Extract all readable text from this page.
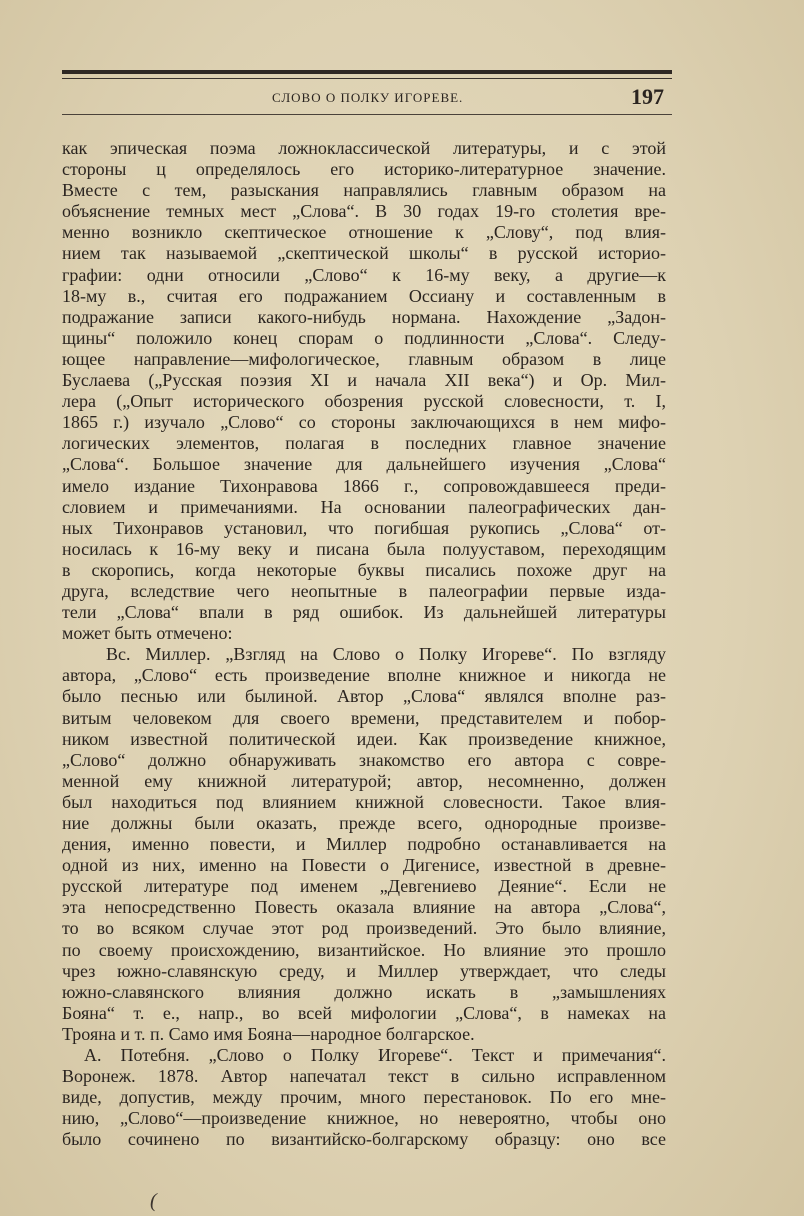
СЛОВО О ПОЛКУ ИГОРЕВЕ.	197
как эпическая поэма ложноклассической литературы, и с этой
стороны ц определялось его историко-литературное значение.
Вместе с тем, разыскания направлялись главным образом на
объяснение темных мест „Слова“. В 30 годах 19-го столетия вре-
менно возникло скептическое отношение к „Слову“, под влия-
нием так называемой „скептической школы“ в русской историо-
графии: одни относили „Слово“ к 16-му веку, а другие—к
18-му в., считая его подражанием Оссиану и составленным в
подражание записи какого-нибудь нормана. Нахождение „Задон-
щины“ положило конец спорам о подлинности „Слова“. Следу-
ющее направление—мифологическое, главным образом в лице
Буслаева („Русская поэзия XI и начала XII века“) и Ор. Мил-
лера („Опыт исторического обозрения русской словесности, т. I,
1865 г.) изучало „Слово“ со стороны заключающихся в нем мифо-
логических элементов, полагая в последних главное значение
„Слова“. Большое значение для дальнейшего изучения „Слова“
имело издание Тихонравова 1866 г., сопровождавшееся преди-
словием и примечаниями. На основании палеографических дан-
ных Тихонравов установил, что погибшая рукопись „Слова“ от-
носилась к 16-му веку и писана была полууставом, переходящим
в скоропись, когда некоторые буквы писались похоже друг на
друга, вследствие чего неопытные в палеографии первые изда-
тели „Слова“ впали в ряд ошибок. Из дальнейшей литературы
может быть отмечено:
Вс. Миллер. „Взгляд на Слово о Полку Игореве“. По взгляду
автора, „Слово“ есть произведение вполне книжное и никогда не
было песнью или былиной. Автор „Слова“ являлся вполне раз-
витым человеком для своего времени, представителем и побор-
ником известной политической идеи. Как произведение книжное,
„Слово“ должно обнаруживать знакомство его автора с совре-
менной ему книжной литературой; автор, несомненно, должен
был находиться под влиянием книжной словесности. Такое влия-
ние должны были оказать, прежде всего, однородные произве-
дения, именно повести, и Миллер подробно останавливается на
одной из них, именно на Повести о Дигенисе, известной в древне-
русской литературе под именем „Девгениево Деяние“. Если не
эта непосредственно Повесть оказала влияние на автора „Слова“,
то во всяком случае этот род произведений. Это было влияние,
по своему происхождению, византийское. Но влияние это прошло
чрез южно-славянскую среду, и Миллер утверждает, что следы
южно-славянского влияния должно искать в „замышлениях
Бояна“ т. е., напр., во всей мифологии „Слова“, в намеках на
Трояна и т. п. Само имя Бояна—народное болгарское.
А. Потебня. „Слово о Полку Игореве“. Текст и примечания“.
Воронеж. 1878. Автор напечатал текст в сильно исправленном
виде, допустив, между прочим, много перестановок. По его мне-
нию, „Слово“—произведение книжное, но невероятно, чтобы оно
было сочинено по византийско-болгарскому образцу: оно все
(
